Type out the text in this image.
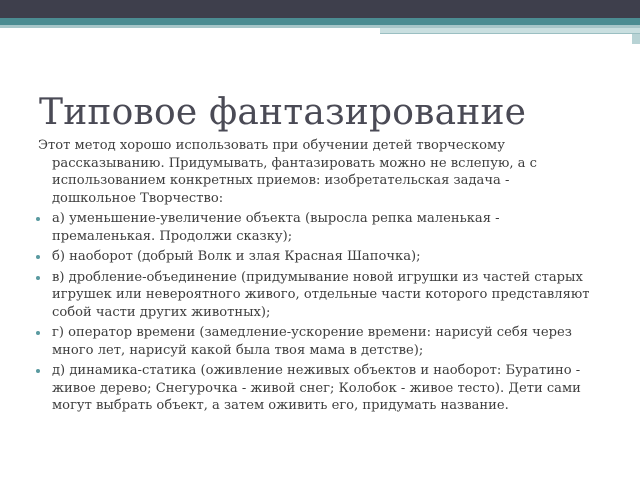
Типовое фантазирование

Этот метод хорошо использовать при обучении детей творческому рассказыванию. Придумывать, фантазировать можно не вслепую, а с использованием конкретных приемов: изобретательская задача - дошкольное Творчество:

а) уменьшение-увеличение объекта (выросла репка маленькая - премаленькая. Продолжи сказку);
б) наоборот (добрый Волк и злая Красная Шапочка);
в) дробление-объединение (придумывание новой игрушки из частей старых игрушек или невероятного живого, отдельные части которого представляют собой части других животных);
г) оператор времени (замедление-ускорение времени: нарисуй себя через много лет, нарисуй какой была твоя мама в детстве);
д) динамика-статика (оживление неживых объектов и наоборот: Буратино - живое дерево; Снегурочка - живой снег; Колобок - живое тесто). Дети сами могут выбрать объект, а затем оживить его, придумать название.
